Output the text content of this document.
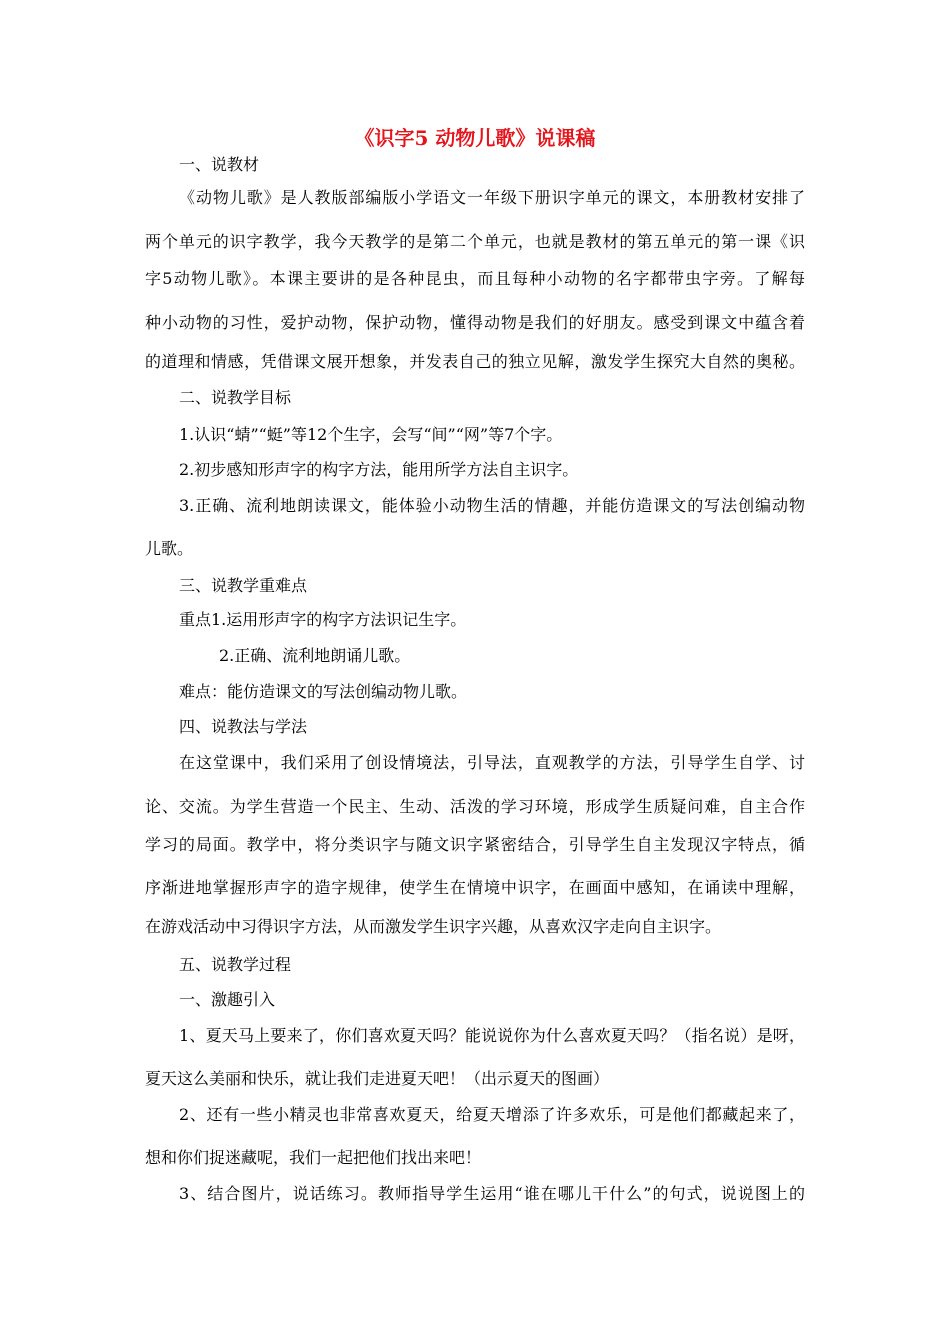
《识字5 动物儿歌》说课稿
一、说教材
《动物儿歌》是人教版部编版小学语文一年级下册识字单元的课文，本册教材安排了
两个单元的识字教学，我今天教学的是第二个单元，也就是教材的第五单元的第一课《识
字5动物儿歌》。本课主要讲的是各种昆虫，而且每种小动物的名字都带虫字旁。了解每
种小动物的习性，爱护动物，保护动物，懂得动物是我们的好朋友。感受到课文中蕴含着
的道理和情感，凭借课文展开想象，并发表自己的独立见解，激发学生探究大自然的奥秘。
二、说教学目标
1.认识“蜻”“蜓”等12个生字，会写“间”“网”等7个字。
2.初步感知形声字的构字方法，能用所学方法自主识字。
3.正确、流利地朗读课文，能体验小动物生活的情趣，并能仿造课文的写法创编动物
儿歌。
三、说教学重难点
重点1.运用形声字的构字方法识记生字。
2.正确、流利地朗诵儿歌。
难点：能仿造课文的写法创编动物儿歌。
四、说教法与学法
在这堂课中，我们采用了创设情境法，引导法，直观教学的方法，引导学生自学、讨
论、交流。为学生营造一个民主、生动、活泼的学习环境，形成学生质疑问难，自主合作
学习的局面。教学中，将分类识字与随文识字紧密结合，引导学生自主发现汉字特点，循
序渐进地掌握形声字的造字规律，使学生在情境中识字，在画面中感知，在诵读中理解，
在游戏活动中习得识字方法，从而激发学生识字兴趣，从喜欢汉字走向自主识字。
五、说教学过程
一、激趣引入
1、夏天马上要来了，你们喜欢夏天吗？能说说你为什么喜欢夏天吗？（指名说）是呀，
夏天这么美丽和快乐，就让我们走进夏天吧！（出示夏天的图画）
2、还有一些小精灵也非常喜欢夏天，给夏天增添了许多欢乐，可是他们都藏起来了，
想和你们捉迷藏呢，我们一起把他们找出来吧！
3、结合图片，说话练习。教师指导学生运用“谁在哪儿干什么”的句式，说说图上的
